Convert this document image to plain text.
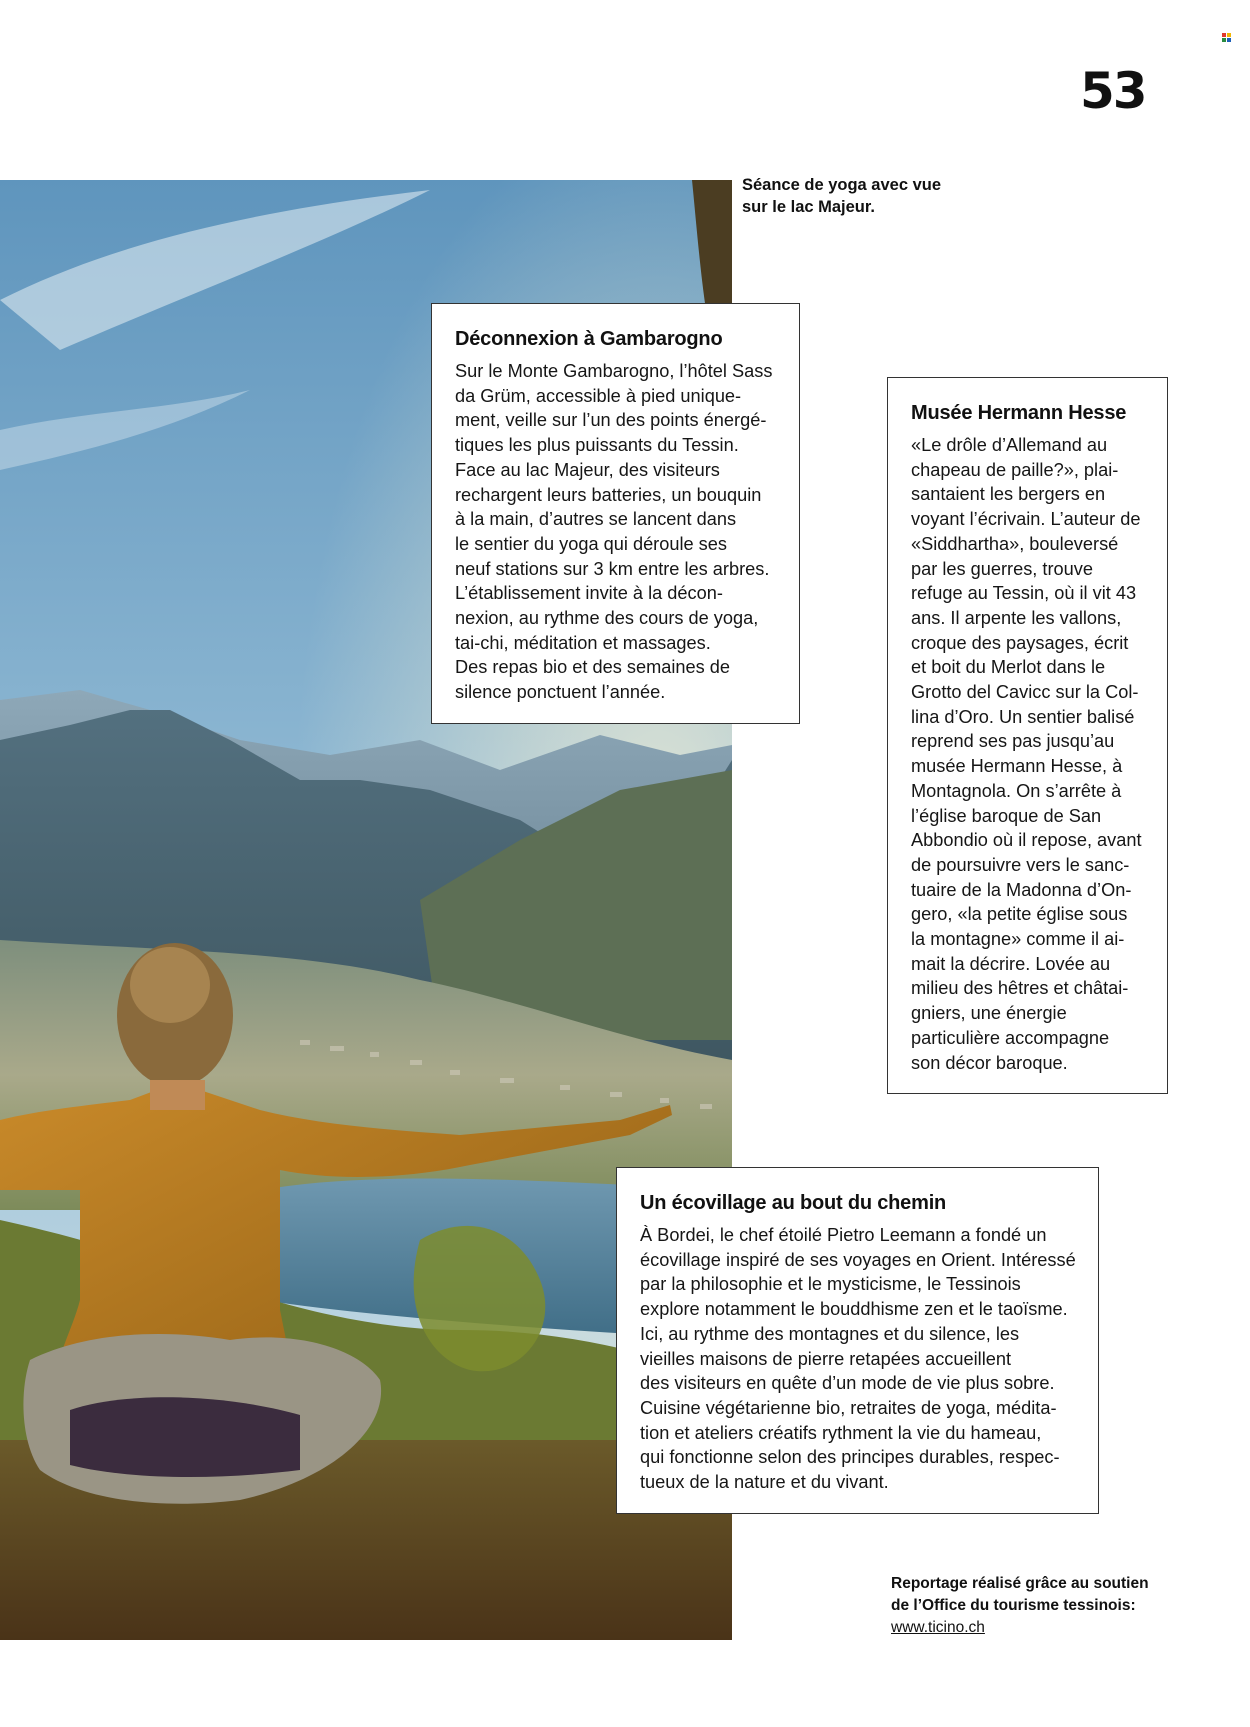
53
Séance de yoga avec vue
sur le lac Majeur.
Déconnexion à Gambarogno
Sur le Monte Gambarogno, l’hôtel Sass
da Grüm, accessible à pied unique-
ment, veille sur l’un des points énergé-
tiques les plus puissants du Tessin.
Face au lac Majeur, des visiteurs
rechargent leurs batteries, un bouquin
à la main, d’autres se lancent dans
le sentier du yoga qui déroule ses
neuf stations sur 3 km entre les arbres.
L’établissement invite à la décon-
nexion, au rythme des cours de yoga,
tai-chi, méditation et massages.
Des repas bio et des semaines de
silence ponctuent l’année.
Musée Hermann Hesse
«Le drôle d’Allemand au
chapeau de paille?», plai-
santaient les bergers en
voyant l’écrivain. L’auteur de
«Siddhartha», bouleversé
par les guerres, trouve
refuge au Tessin, où il vit 43
ans. Il arpente les vallons,
croque des paysages, écrit
et boit du Merlot dans le
Grotto del Cavicc sur la Col-
lina d’Oro. Un sentier balisé
reprend ses pas jusqu’au
musée Hermann Hesse, à
Montagnola. On s’arrête à
l’église baroque de San
Abbondio où il repose, avant
de poursuivre vers le sanc-
tuaire de la Madonna d’On-
gero, «la petite église sous
la montagne» comme il ai-
mait la décrire. Lovée au
milieu des hêtres et châtai-
gniers, une énergie
particulière accompagne
son décor baroque.
Un écovillage au bout du chemin
À Bordei, le chef étoilé Pietro Leemann a fondé un
écovillage inspiré de ses voyages en Orient. Intéressé
par la philosophie et le mysticisme, le Tessinois
explore notamment le bouddhisme zen et le taoïsme.
Ici, au rythme des montagnes et du silence, les
vieilles maisons de pierre retapées accueillent
des visiteurs en quête d’un mode de vie plus sobre.
Cuisine végétarienne bio, retraites de yoga, médita-
tion et ateliers créatifs rythment la vie du hameau,
qui fonctionne selon des principes durables, respec-
tueux de la nature et du vivant.
Reportage réalisé grâce au soutien
de l’Office du tourisme tessinois:
www.ticino.ch
